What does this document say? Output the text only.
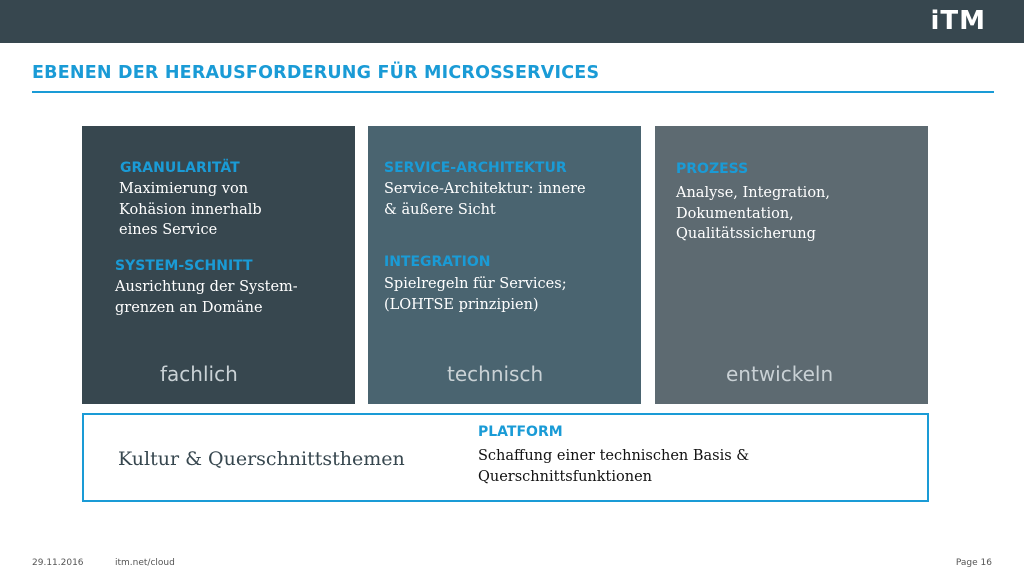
iTM
EBENEN DER HERAUSFORDERUNG FÜR MICROSSERVICES
GRANULARITÄT
Maximierung von
Kohäsion innerhalb
eines Service
SYSTEM-SCHNITT
Ausrichtung der System-
grenzen an Domäne
fachlich
SERVICE-ARCHITEKTUR
Service-Architektur: innere
& äußere Sicht
INTEGRATION
Spielregeln für Services;
(LOHTSE prinzipien)
technisch
PROZESS
Analyse, Integration,
Dokumentation,
Qualitätssicherung
entwickeln
Kultur & Querschnittsthemen
PLATFORM
Schaffung einer technischen Basis &
Querschnittsfunktionen
29.11.2016	itm.net/cloud	Page 16
